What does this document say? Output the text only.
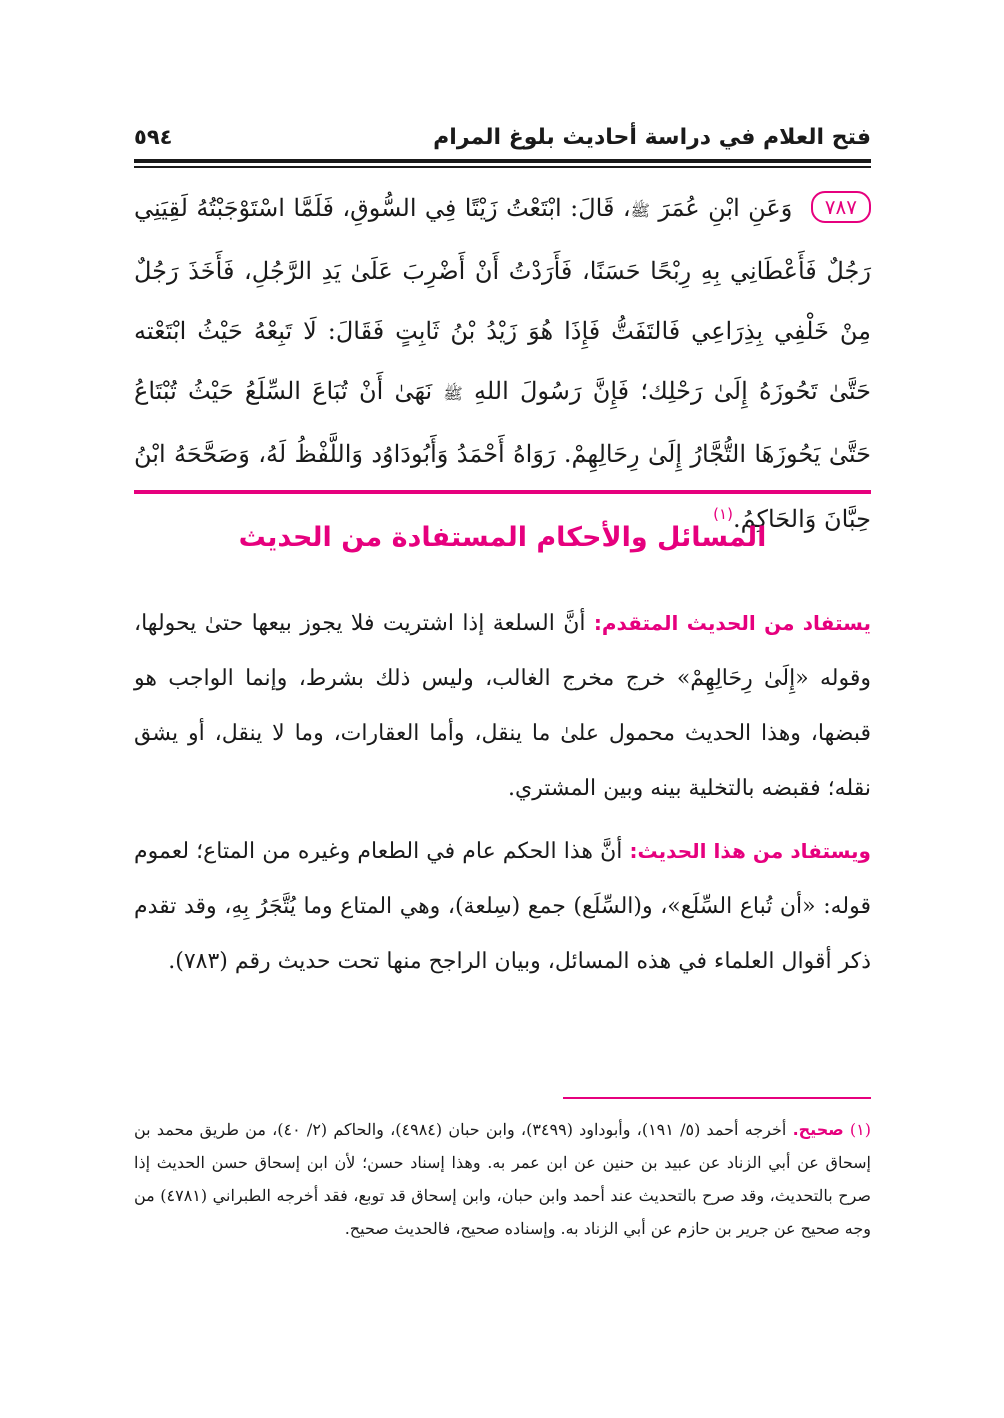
فتح العلام في دراسة أحاديث بلوغ المرام
٥٩٤
٧٨٧ وَعَنِ ابْنِ عُمَرَ ﷺ، قَالَ: ابْتَعْتُ زَيْتًا فِي السُّوقِ، فَلَمَّا اسْتَوْجَبْتُهُ لَقِيَنِي رَجُلٌ فَأَعْطَانِي بِهِ رِبْحًا حَسَنًا، فَأَرَدْتُ أَنْ أَضْرِبَ عَلَىٰ يَدِ الرَّجُلِ، فَأَخَذَ رَجُلٌ مِنْ خَلْفِي بِذِرَاعِي فَالتَفَتُّ فَإِذَا هُوَ زَيْدُ بْنُ ثَابِتٍ فَقَالَ: لَا تَبِعْهُ حَيْثُ ابْتَعْته حَتَّىٰ تَحُوزَهُ إِلَىٰ رَحْلِك؛ فَإِنَّ رَسُولَ اللهِ ﷺ نَهَىٰ أَنْ تُبَاعَ السِّلَعُ حَيْثُ تُبْتَاعُ حَتَّىٰ يَحُوزَهَا التُّجَّارُ إِلَىٰ رِحَالِهِمْ. رَوَاهُ أَحْمَدُ وَأَبُودَاوُد وَاللَّفْظُ لَهُ، وَصَحَّحَهُ ابْنُ حِبَّانَ وَالحَاكِمُ.$^{(١)}$
المسائل والأحكام المستفادة من الحديث
يستفاد من الحديث المتقدم: أنَّ السلعة إذا اشتريت فلا يجوز بيعها حتىٰ يحولها، وقوله «إِلَىٰ رِحَالِهِمْ» خرج مخرج الغالب، وليس ذلك بشرط، وإنما الواجب هو قبضها، وهذا الحديث محمول علىٰ ما ينقل، وأما العقارات، وما لا ينقل، أو يشق نقله؛ فقبضه بالتخلية بينه وبين المشتري.
ويستفاد من هذا الحديث: أنَّ هذا الحكم عام في الطعام وغيره من المتاع؛ لعموم قوله: «أن تُباع السِّلَع»، و(السِّلَع) جمع (سِلعة)، وهي المتاع وما يُتَّجَرُ بِهِ، وقد تقدم ذكر أقوال العلماء في هذه المسائل، وبيان الراجح منها تحت حديث رقم (٧٨٣).
(١) صحيح. أخرجه أحمد (٥/ ١٩١)، وأبوداود (٣٤٩٩)، وابن حبان (٤٩٨٤)، والحاكم (٢/ ٤٠)، من طريق محمد بن إسحاق عن أبي الزناد عن عبيد بن حنين عن ابن عمر به. وهذا إسناد حسن؛ لأن ابن إسحاق حسن الحديث إذا صرح بالتحديث، وقد صرح بالتحديث عند أحمد وابن حبان، وابن إسحاق قد توبع، فقد أخرجه الطبراني (٤٧٨١) من وجه صحيح عن جرير بن حازم عن أبي الزناد به. وإسناده صحيح، فالحديث صحيح.
